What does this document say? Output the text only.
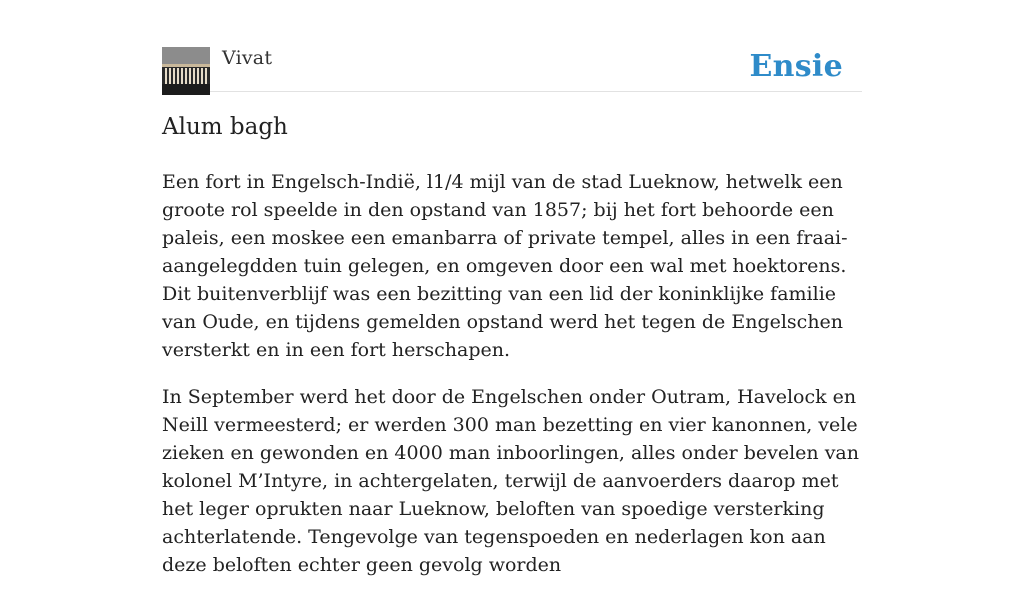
Vivat	Ensie
Alum bagh

Een fort in Engelsch-Indië, l1/4 mijl van de stad Lueknow, hetwelk een groote rol speelde in den opstand van 1857; bij het fort behoorde een paleis, een moskee een emanbarra of private tempel, alles in een fraai-aangelegdden tuin gelegen, en omgeven door een wal met hoektorens. Dit buitenverblijf was een bezitting van een lid der koninklijke familie van Oude, en tijdens gemelden opstand werd het tegen de Engelschen versterkt en in een fort herschapen.

In September werd het door de Engelschen onder Outram, Havelock en Neill vermeesterd; er werden 300 man bezetting en vier kanonnen, vele zieken en gewonden en 4000 man inboorlingen, alles onder bevelen van kolonel M’Intyre, in achtergelaten, terwijl de aanvoerders daarop met het leger oprukten naar Lueknow, beloften van spoedige versterking achterlatende. Tengevolge van tegenspoeden en nederlagen kon aan deze beloften echter geen gevolg worden
